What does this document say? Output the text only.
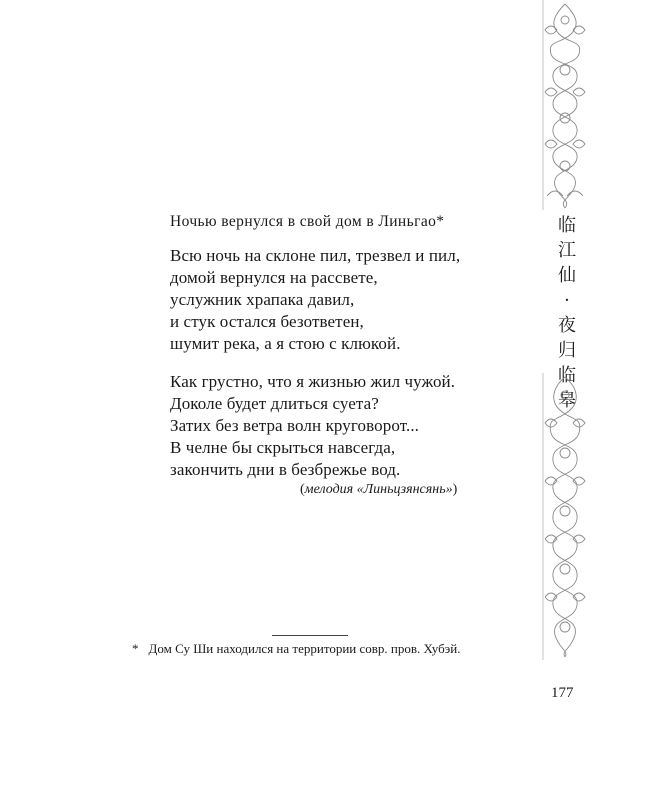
临
江
仙
·
夜
归
临
皋
Ночью вернулся в свой дом в Линьгао*
Всю ночь на склоне пил, трезвел и пил,
домой вернулся на рассвете,
услужник храпака давил,
и стук остался безответен,
шумит река, а я стою с клюкой.
Как грустно, что я жизнью жил чужой.
Доколе будет длиться суета?
Затих без ветра волн круговорот...
В челне бы скрыться навсегда,
закончить дни в безбрежье вод.
(мелодия «Линьцзянсянь»)
* Дом Су Ши находился на территории совр. пров. Хубэй.
177
